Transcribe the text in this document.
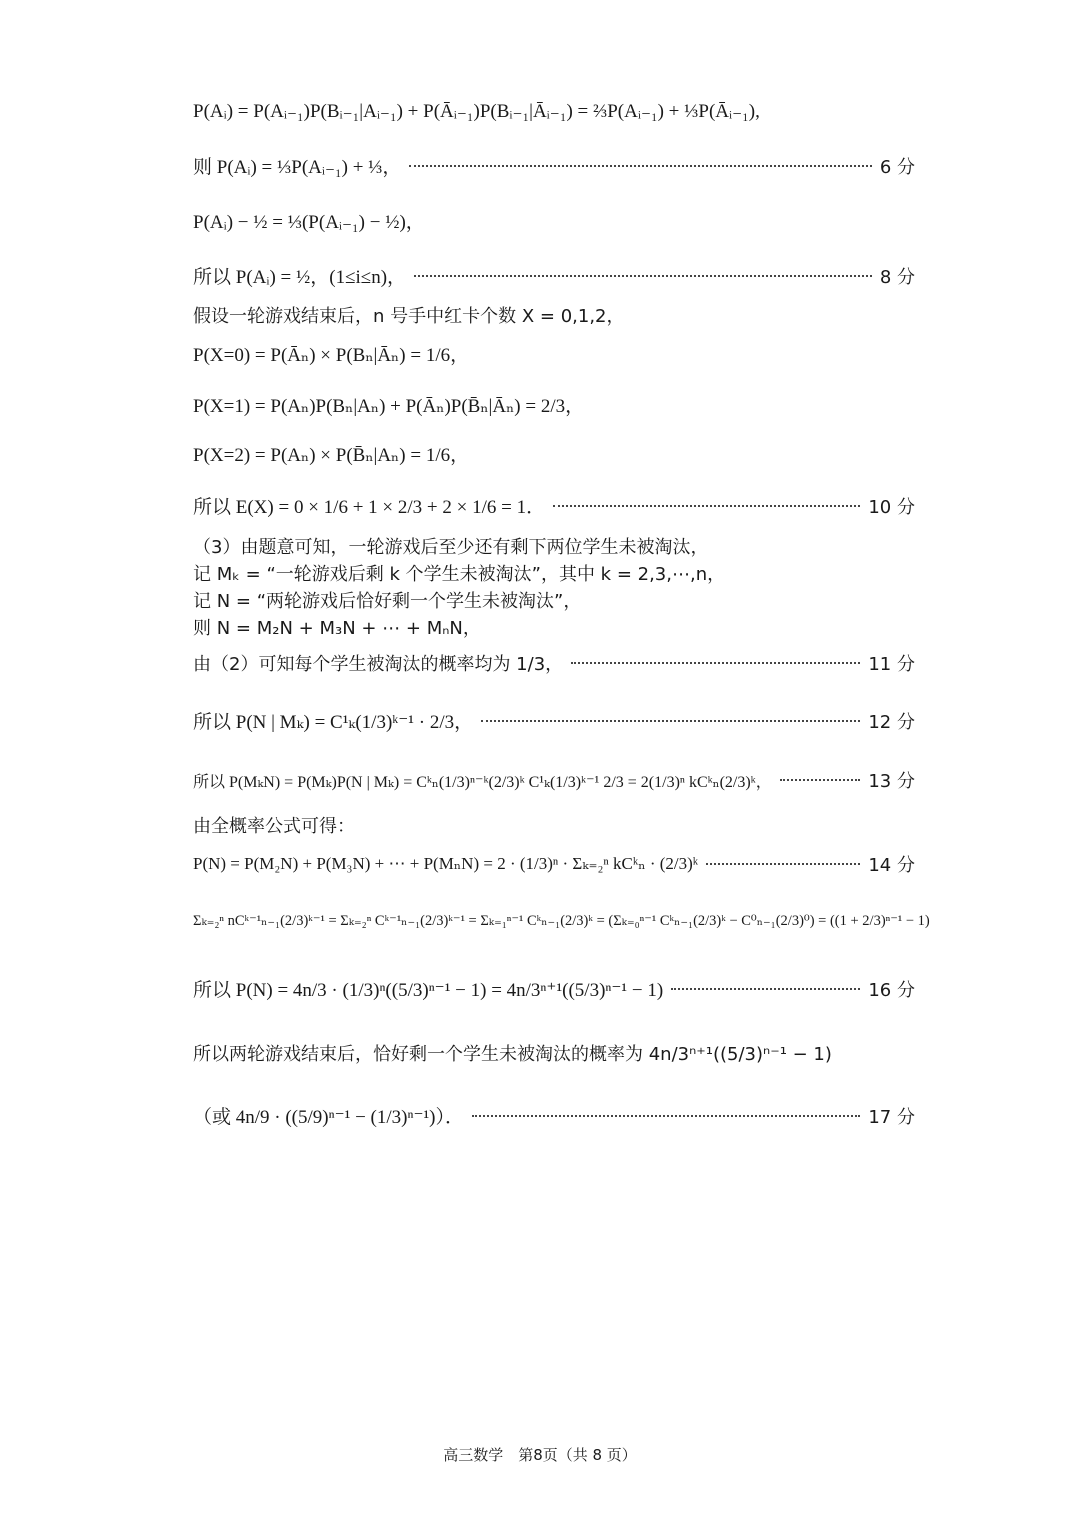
P(Aᵢ) = P(Aᵢ₋₁)P(Bᵢ₋₁|Aᵢ₋₁) + P(Āᵢ₋₁)P(Bᵢ₋₁|Āᵢ₋₁) = ⅔P(Aᵢ₋₁) + ⅓P(Āᵢ₋₁),
则 P(Aᵢ) = ⅓P(Aᵢ₋₁) + ⅓，	6 分
P(Aᵢ) − ½ = ⅓(P(Aᵢ₋₁) − ½)，
所以 P(Aᵢ) = ½，(1≤i≤n)，	8 分
假设一轮游戏结束后，n 号手中红卡个数 X = 0,1,2，
P(X=0) = P(Āₙ) × P(Bₙ|Āₙ) = 1/6，
P(X=1) = P(Aₙ)P(Bₙ|Aₙ) + P(Āₙ)P(B̄ₙ|Āₙ) = 2/3，
P(X=2) = P(Aₙ) × P(B̄ₙ|Aₙ) = 1/6，
所以 E(X) = 0 × 1/6 + 1 × 2/3 + 2 × 1/6 = 1．	10 分
（3）由题意可知，一轮游戏后至少还有剩下两位学生未被淘汰，
记 Mₖ = “一轮游戏后剩 k 个学生未被淘汰”，其中 k = 2,3,⋯,n，
记 N = “两轮游戏后恰好剩一个学生未被淘汰”，
则 N = M₂N + M₃N + ⋯ + MₙN，
由（2）可知每个学生被淘汰的概率均为 1/3，	11 分
所以 P(N | Mₖ) = C¹ₖ(1/3)ᵏ⁻¹ · 2/3，	12 分
所以 P(MₖN) = P(Mₖ)P(N | Mₖ) = Cᵏₙ(1/3)ⁿ⁻ᵏ(2/3)ᵏ C¹ₖ(1/3)ᵏ⁻¹ 2/3 = 2(1/3)ⁿ kCᵏₙ(2/3)ᵏ，	13 分
由全概率公式可得：
P(N) = P(M₂N) + P(M₃N) + ⋯ + P(MₙN) = 2 · (1/3)ⁿ · Σₖ₌₂ⁿ kCᵏₙ · (2/3)ᵏ	14 分
Σₖ₌₂ⁿ nCᵏ⁻¹ₙ₋₁(2/3)ᵏ⁻¹ = Σₖ₌₂ⁿ Cᵏ⁻¹ₙ₋₁(2/3)ᵏ⁻¹ = Σₖ₌₁ⁿ⁻¹ Cᵏₙ₋₁(2/3)ᵏ = (Σₖ₌₀ⁿ⁻¹ Cᵏₙ₋₁(2/3)ᵏ − C⁰ₙ₋₁(2/3)⁰) = ((1 + 2/3)ⁿ⁻¹ − 1)
所以 P(N) = 4n/3 · (1/3)ⁿ((5/3)ⁿ⁻¹ − 1) = 4n/3ⁿ⁺¹((5/3)ⁿ⁻¹ − 1)	16 分
所以两轮游戏结束后，恰好剩一个学生未被淘汰的概率为 4n/3ⁿ⁺¹((5/3)ⁿ⁻¹ − 1)
（或 4n/9 · ((5/9)ⁿ⁻¹ − (1/3)ⁿ⁻¹)）．	17 分
高三数学　第8页（共 8 页）
